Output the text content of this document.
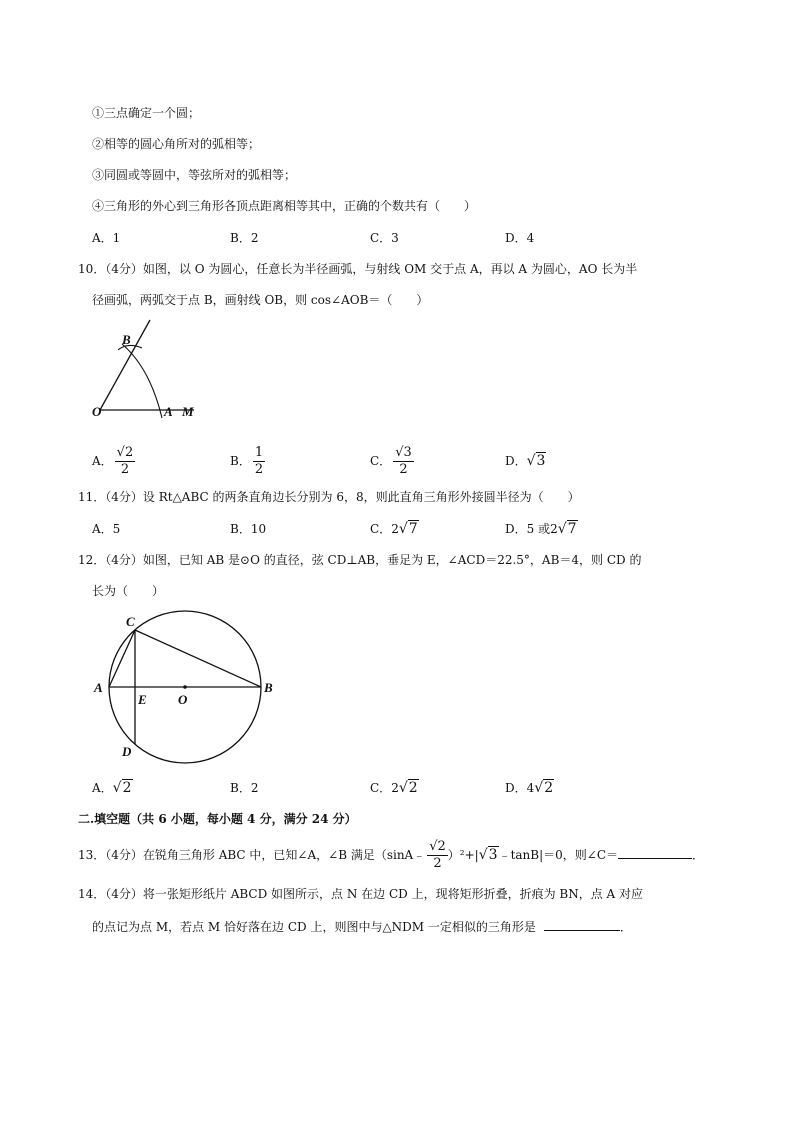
①三点确定一个圆；
②相等的圆心角所对的弧相等；
③同圆或等圆中，等弦所对的弧相等；
④三角形的外心到三角形各顶点距离相等其中，正确的个数共有（　　）
A．1	B．2	C．3	D．4
10．（4分）如图，以 O 为圆心，任意长为半径画弧，与射线 OM 交于点 A，再以 A 为圆心，AO 长为半
径画弧，两弧交于点 B，画射线 OB，则 cos∠AOB＝（　　）
B
O	A M
A． $\frac{√2}{2}$	B． $\frac{1}{2}$	C． $\frac{√3}{2}$	D．√3
11．（4分）设 Rt△ABC 的两条直角边长分别为 6，8，则此直角三角形外接圆半径为（　　）
A．5	B．10	C．2√7	D．5 或2√7
12．（4分）如图，已知 AB 是⊙O 的直径，弦 CD⊥AB，垂足为 E，∠ACD＝22.5°，AB＝4，则 CD 的
长为（　　）
C
A
E O
B
D
A．√2	B．2	C．2√2	D．4√2
二.填空题（共 6 小题，每小题 4 分，满分 24 分）
13．（4分）在锐角三角形 ABC 中，已知∠A，∠B 满足（sinA﹣ $\frac{√2}{2}$ ）²+|√3﹣tanB|＝0，则∠C＝	．
14．（4分）将一张矩形纸片 ABCD 如图所示，点 N 在边 CD 上，现将矩形折叠，折痕为 BN，点 A 对应
的点记为点 M，若点 M 恰好落在边 CD 上，则图中与△NDM 一定相似的三角形是	．
